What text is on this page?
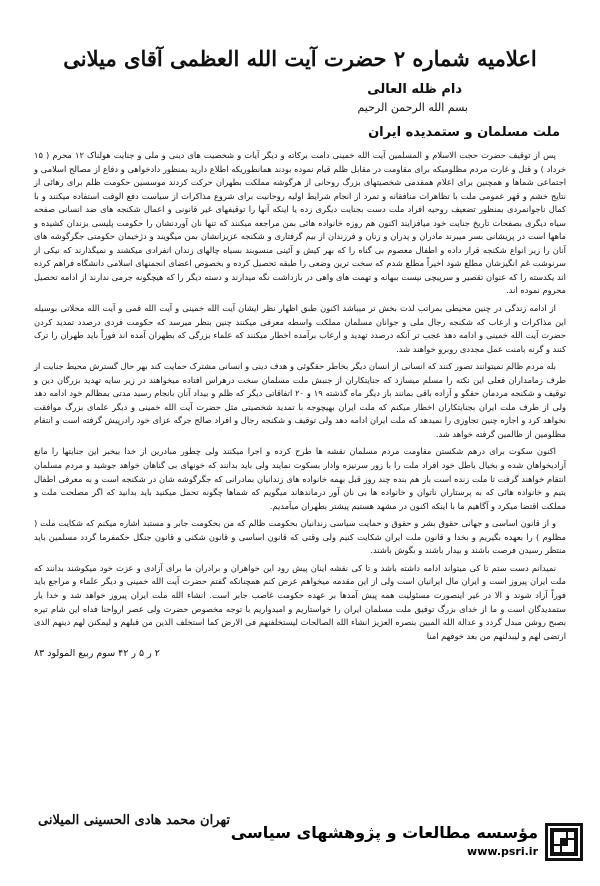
اعلامیه شماره ۲ حضرت آیت الله العظمی آقای میلانی

دام ظله العالی

بسم الله الرحمن الرحیم

ملت مسلمان و ستمدیده ایران

پس از توقیف حضرت حجت الاسلام و المسلمین آیت الله خمینی دامت برکاته و دیگر آیات و شخصیت های دینی و ملی و جنایت هولناک ۱۲ محرم ( ۱۵ خرداد ) و قتل و غارت مردم مظلومیکه برای مقاومت در مقابل ظلم قیام نموده بودند همانطوریکه اطلاع دارید بمنظور دادخواهی و دفاع از مصالح اسلامی و اجتماعی شماها و همچنین برای اعلام همقدمی شخصیتهای بزرگ روحانی از هرگوشه مملکت بطهران حرکت کردند موسسین حکومت ظلم برای رهائی از نتایج خشم و قهر عمومی ملت با تظاهرات منافقانه و تمرد از انجام شرایط اولیه روحانیت برای شروع مذاکرات از سیاست دفع الوقت استفاده میکنند و با کمال ناجوانمردی بمنظور تضعیف روحیه افراد ملت دست بجنایت دیگری زده یا اینکه آنها را توقیفهای غیر قانونی و اعمال شکنجه های ضد انسانی صفحه سیاه دیگری بصفحات تاریخ جنایت خود میافزایند اکنون هم روزه خانواده هائی بمن مراجعه میکنند که تنها نان آوردنشان را حکومت پلیسی بزندان کشیده و ماهها است در پریشانی بسر میبرند مادران و پدران و زنان و فرزندان از بیم گرفتاری و شکنجه عزیزانشان بمن میگویند و دژخیمان حکومتی جگرگوشه های آنان را زیر انواع شکنجه قرار داده و اطفال معصوم بی گناه را که بهر کیش و آئینی منسوبند بسیاه چالهای زندان انفرادی میکشند و نمیگذارند که نیکی از سرنوشت غم انگیزشان مطلع شود اخیراً مطلع شدم که سخت ترین وضعی را طبقه تحصیل کرده و بخصوص اعضای انجمنهای اسلامی دانشگاه فراهم کرده اند یکدسته را که عنوان تقصیر و سرپیچی نیست ببهانه و تهمت های واهی در بازداشت نگه میدارند و دسته دیگر را که هیچگونه جرمی ندارند از ادامه تحصیل محروم نموده اند.

از ادامه زندگی در چنین محیطی بمراتب لذت بخش تر میباشد اکنون طبق اظهار نظر ایشان آیت الله خمینی و آیت الله قمی و آیت الله محلاتی بوسیله این مذاکرات و ارعاب که شکنجه رجال ملی و جوانان مسلمان مملکت واسطه معرفی میکنند چنین بنظر میرسد که حکومت فردی درصدد تمدید کردن حضرت آیت الله خمینی و ادامه دهد عجب تر آنکه درصدد تهدید و ارعاب برآمده اخطار میکنند که علماء بزرگی که بطهران آمده اند فوراً باید طهران را ترک کنند و گرنه بامنت عمل مجددی روبرو خواهند شد.

بله مردم ظالم نمیتوانند تصور کنند که انسانی از انسان دیگر بخاطر حقگوئی و هدف دینی و انسانی مشترک حمایت کند بهر حال گسترش محیط جنایت از طرف زمامداران فعلی این نکته را مسلم میسازد که جنایتکاران از جنبش ملت مسلمان سخت درهراس افتاده میخواهند در زیر سایه تهدید بزرگان دین و توقیف و شکنجه مردمان حقگو و آزاده باقی بمانند باز دیگر ماه گذشته ۱۹ و ۲۰ اتفاقاتی دیگر که ظلم و بیداد آنان بانجام رسید مدتی بمظالم خود ادامه دهد ولی از طرف ملت ایران بجنایتکاران اخطار میکنم که ملت ایران بهیچوجه با تمدید شخصیتی مثل حضرت آیت الله خمینی و دیگر علمای بزرگ موافقت نخواهد کرد و اجازه چنین تجاوزی را نمیدهد که ملت ایران ادامه دهد ولی توقیف و شکنجه رجال و افراد صالح جرگه عزای خود رادرپیش گرفته است و انتقام مظلومین از ظالمین گرفته خواهد شد.

اکنون سکوت برای درهم شکستن مقاومت مردم مسلمان نقشه ها طرح کرده و اجرا میکنند ولی چطور مبادرین از خدا بیخبر این جنایتها را مانع آزادیخواهان شده و بخیال باطل خود افراد ملت را با زور سرنیزه وادار بسکوت نمایند ولی باید بدانند که خونهای بی گناهان خواهد جوشید و مردم مسلمان انتقام خواهند گرفت تا ملت زنده است باز هم بنده چند روز قبل بهمه خانواده های زندانیان بمادرانی که جگرگوشه شان در شکنجه است و به معرفی اطفال یتیم و خانواده هائی که به پرستاران ناتوان و خانواده ها بی نان آور درماندهاند میگویم که شماها چگونه تحمل میکنید باید بدانید که اگر مصلحت ملت و مملکت اقتضا میکرد و آگاهیم ما با اینکه اکنون در مشهد هستیم پیشتر بطهران میآمدیم.

و از قانون اساسی و جهانی حقوق بشر و حقوق و حمایت سیاسی زندانیان بحکومت ظالم که من بحکومت جابر و مستبد اشاره میکنم که شکایت ملت ( مظلوم ) را بعهده بگیریم و بخدا و قانون ملت ایران شکایت کنیم ولی وقتی که قانون اساسی و قانون شکنی و قانون جنگل حکمفرما گردد مسلمین باید منتظر رسیدن فرصت باشند و بیدار باشند و بگوش باشند.

نمیدانم دست ستم تا کی میتواند ادامه داشته باشد و تا کی نقشه اینان پیش رود این خواهران و برادران ما برای آزادی و عزت خود میکوشند بدانند که ملت ایران پیروز است و ایران مال ایرانیان است ولی از این مقدمه میخواهم عرض کنم همچنانکه گفتم حضرت آیت الله خمینی و دیگر علماء و مراجع باید فوراً آزاد شوند و الا در غیر اینصورت مسئولیت همه پیش آمدها بر عهده حکومت غاصب جابر است. انشاء الله ملت ایران پیروز خواهد شد و خدا یار ستمدیدگان است و ما از خدای بزرگ توفیق ملت مسلمان ایران را خواستاریم و امیدواریم با توجه مخصوص حضرت ولی عصر ارواحنا فداه این شام تیره بصبح روشن مبدل گردد و عدالة الله المبین بنصره العزیز انشاء الله الصالحات لیستخلفنهم فی الارض کما استخلف الذین من قبلهم و لیمکنن لهم دینهم الذی ارتضی لهم و لیبدلنهم من بعد خوفهم امنا

۲ ر ۵ ر ۴۲ سوم ربیع المولود ۸۳

تهران محمد هادی الحسینی المیلانی
مؤسسه مطالعات و پژوهشهای سیاسی
www.psri.ir
